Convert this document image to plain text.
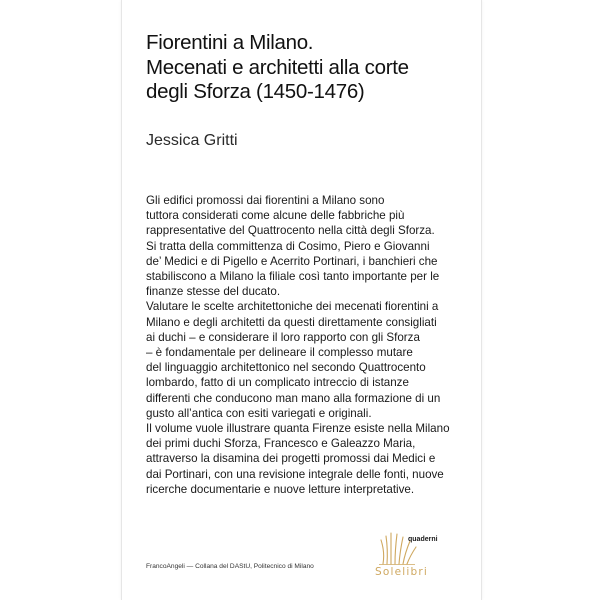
Fiorentini a Milano.
Mecenati e architetti alla corte
degli Sforza (1450-1476)

Jessica Gritti

Gli edifici promossi dai fiorentini a Milano sono
tuttora considerati come alcune delle fabbriche più
rappresentative del Quattrocento nella città degli Sforza.
Si tratta della committenza di Cosimo, Piero e Giovanni
de’ Medici e di Pigello e Acerrito Portinari, i banchieri che
stabiliscono a Milano la filiale così tanto importante per le
finanze stesse del ducato.

Valutare le scelte architettoniche dei mecenati fiorentini a
Milano e degli architetti da questi direttamente consigliati
ai duchi – e considerare il loro rapporto con gli Sforza
– è fondamentale per delineare il complesso mutare
del linguaggio architettonico nel secondo Quattrocento
lombardo, fatto di un complicato intreccio di istanze
differenti che conducono man mano alla formazione di un
gusto all’antica con esiti variegati e originali.

Il volume vuole illustrare quanta Firenze esiste nella Milano
dei primi duchi Sforza, Francesco e Galeazzo Maria,
attraverso la disamina dei progetti promossi dai Medici e
dai Portinari, con una revisione integrale delle fonti, nuove
ricerche documentarie e nuove letture interpretative.

FrancoAngeli — Collana del DAStU, Politecnico di Milano	Solelibri
quaderni
